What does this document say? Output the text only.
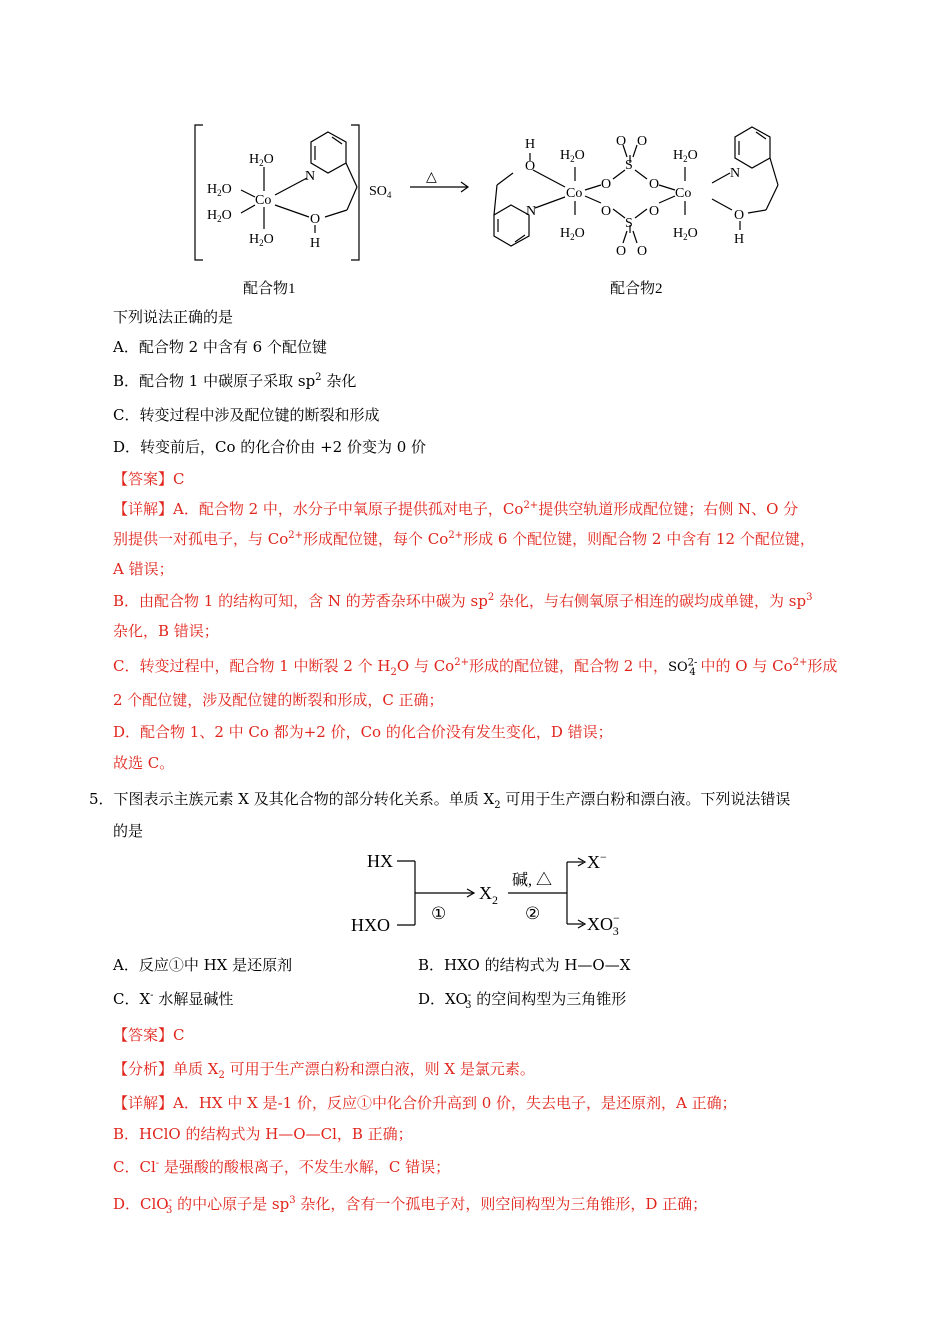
$H_2O$
$H_2O$
$H_2O$
$H_2O$
Co
N
O
H
$SO_4$
△
H
O
N
$H_2O$
$H_2O$
Co
O
O
S
S
O O
O O
O
O
$H_2O$
$H_2O$
Co
配合物1	配合物2
N
O
H
下列说法正确的是
A．配合物 2 中含有 6 个配位键
B．配合物 1 中碳原子采取 $sp^2$ 杂化
C．转变过程中涉及配位键的断裂和形成
D．转变前后，Co 的化合价由 +2 价变为 0 价
【答案】C
【详解】A．配合物 2 中，水分子中氧原子提供孤对电子，$Co^{2+}$提供空轨道形成配位键；右侧 N、O 分
别提供一对孤电子，与 $Co^{2+}$形成配位键，每个 $Co^{2+}$形成 6 个配位键，则配合物 2 中含有 12 个配位键，
A 错误；
B．由配合物 1 的结构可知，含 N 的芳香杂环中碳为 $sp^2$ 杂化，与右侧氧原子相连的碳均成单键，为 $sp^3$
杂化，B 错误；
C．转变过程中，配合物 1 中断裂 2 个 $H_2O$ 与 $Co^{2+}$形成的配位键，配合物 2 中，$SO^{2-}_4$ 中的 O 与 $Co^{2+}$形成
2 个配位键，涉及配位键的断裂和形成，C 正确；
D．配合物 1、2 中 Co 都为+2 价，Co 的化合价没有发生变化，D 错误；
故选 C。
5．下图表示主族元素 X 及其化合物的部分转化关系。单质 $X_2$ 可用于生产漂白粉和漂白液。下列说法错误
的是
HX
HXO
$X_2$
①	②
碱, △
X−
XO− 3
A．反应①中 HX 是还原剂	B．HXO 的结构式为 H—O—X
C．X- 水解显碱性	D．$XO^-_3$ 的空间构型为三角锥形
【答案】C
【分析】单质 $X_2$ 可用于生产漂白粉和漂白液，则 X 是氯元素。
【详解】A．HX 中 X 是-1 价，反应①中化合价升高到 0 价，失去电子，是还原剂，A 正确；
B．HClO 的结构式为 H—O—Cl，B 正确；
C．Cl- 是强酸的酸根离子，不发生水解，C 错误；
D．ClO-$_3$ 的中心原子是 $sp^3$ 杂化，含有一个孤电子对，则空间构型为三角锥形，D 正确；
